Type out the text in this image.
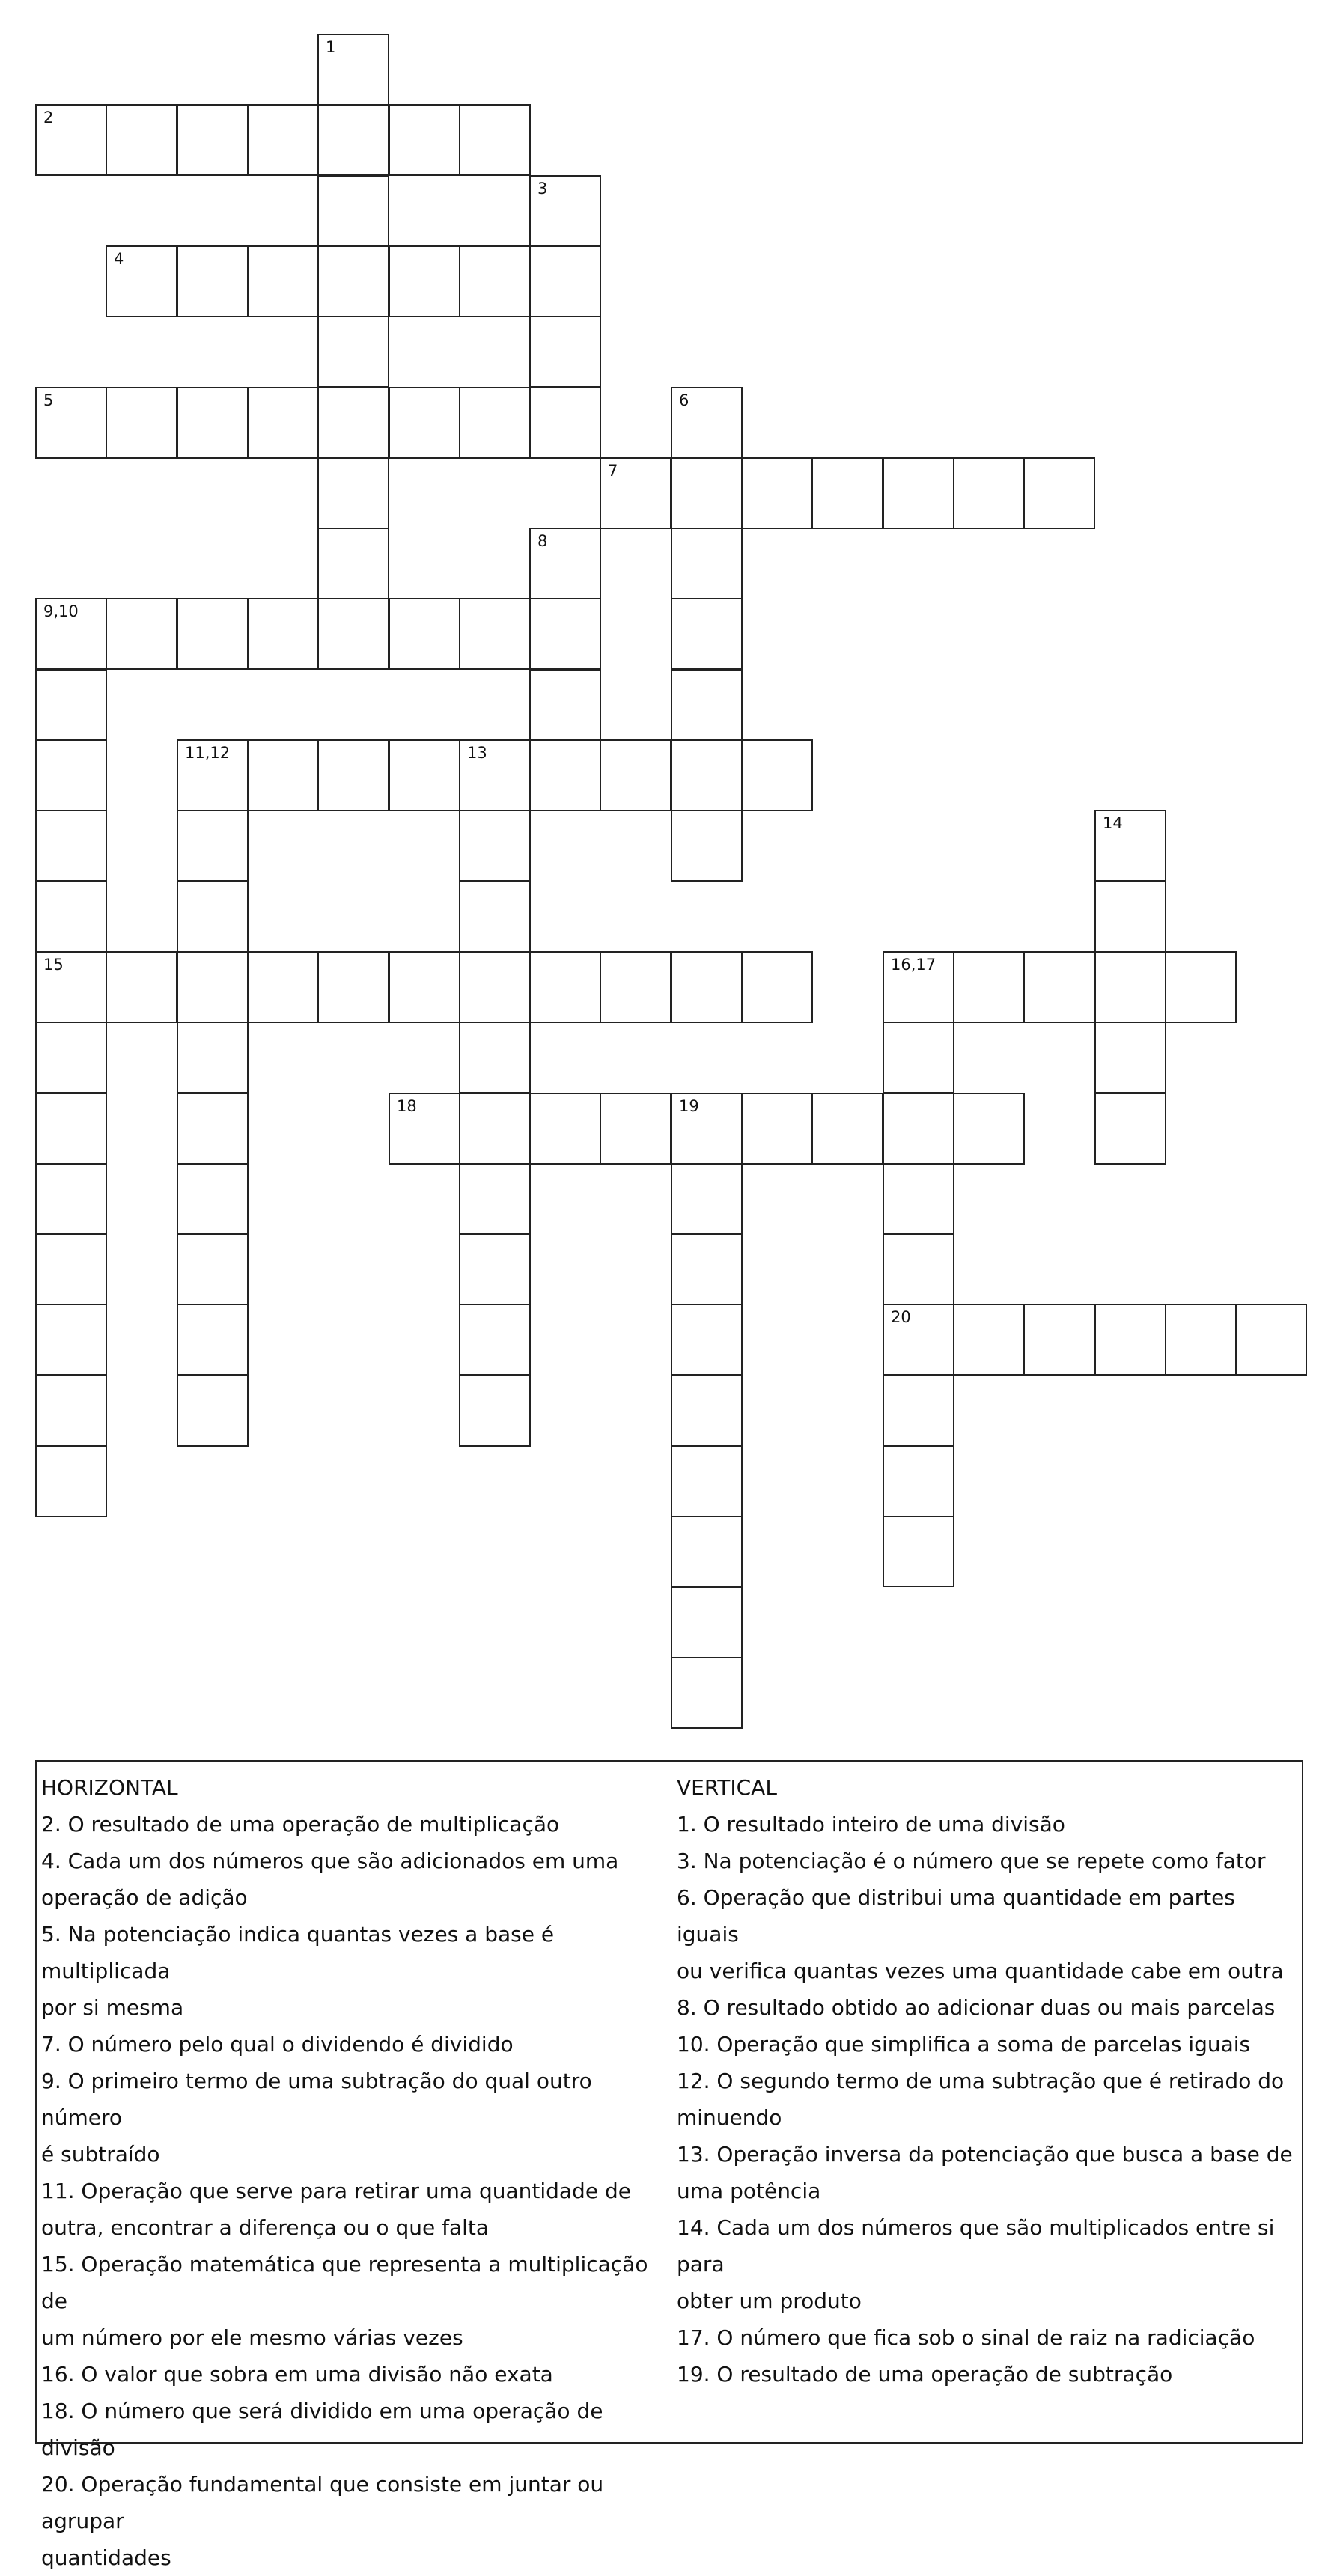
1
2
3
4
5	6
7
8
9,10
11,12	13
14
15	16,17
18	19
20

HORIZONTAL

2. O resultado de uma operação de multiplicação

4. Cada um dos números que são adicionados em uma

operação de adição

5. Na potenciação indica quantas vezes a base é multiplicada

por si mesma

7. O número pelo qual o dividendo é dividido

9. O primeiro termo de uma subtração do qual outro número

é subtraído

11. Operação que serve para retirar uma quantidade de

outra, encontrar a diferença ou o que falta

15. Operação matemática que representa a multiplicação de

um número por ele mesmo várias vezes

16. O valor que sobra em uma divisão não exata

18. O número que será dividido em uma operação de divisão

20. Operação fundamental que consiste em juntar ou agrupar

quantidades

VERTICAL

1. O resultado inteiro de uma divisão

3. Na potenciação é o número que se repete como fator

6. Operação que distribui uma quantidade em partes iguais

ou verifica quantas vezes uma quantidade cabe em outra

8. O resultado obtido ao adicionar duas ou mais parcelas

10. Operação que simplifica a soma de parcelas iguais

12. O segundo termo de uma subtração que é retirado do

minuendo

13. Operação inversa da potenciação que busca a base de

uma potência

14. Cada um dos números que são multiplicados entre si para

obter um produto

17. O número que fica sob o sinal de raiz na radiciação

19. O resultado de uma operação de subtração
